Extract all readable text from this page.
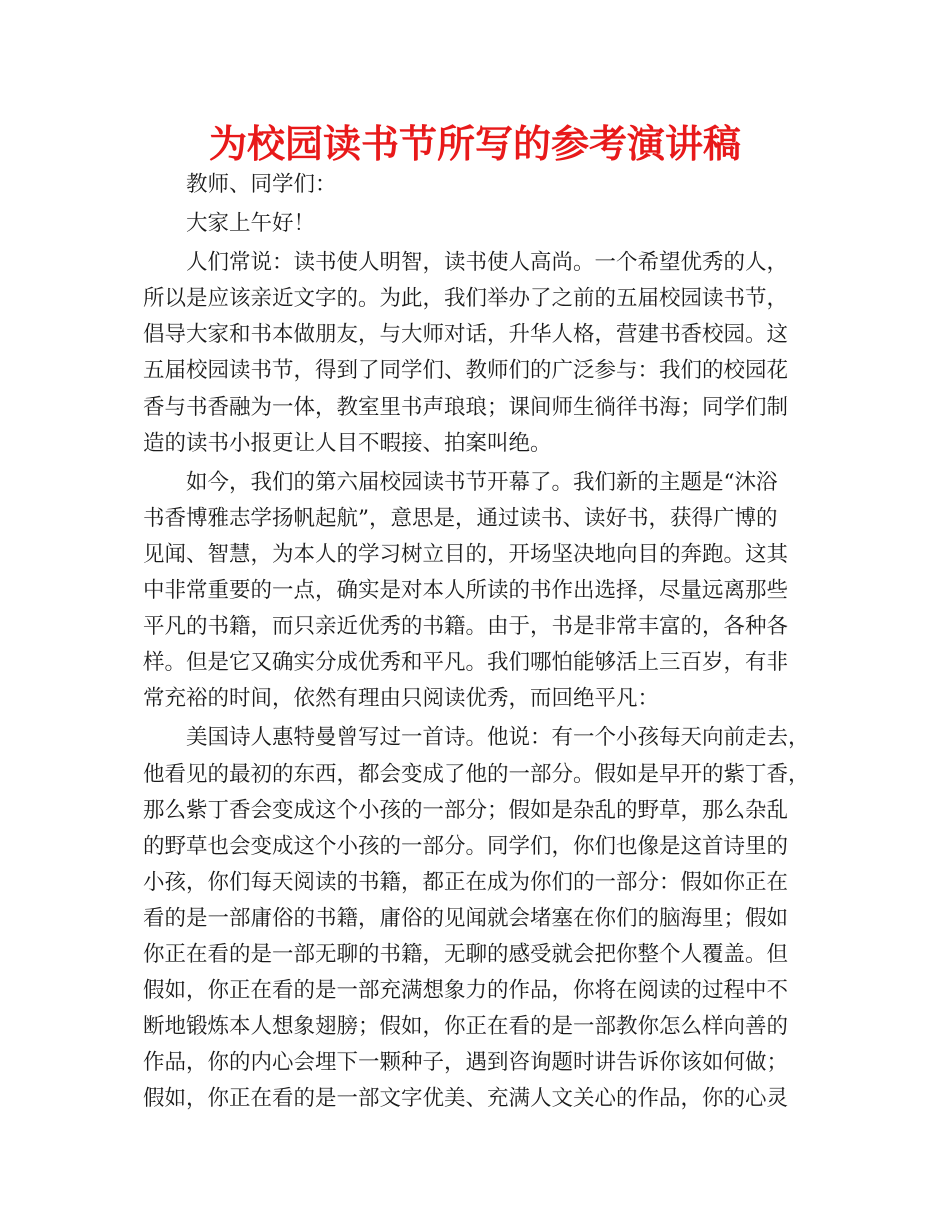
为校园读书节所写的参考演讲稿
教师、同学们：
大家上午好！
人们常说：读书使人明智，读书使人高尚。一个希望优秀的人，
所以是应该亲近文字的。为此，我们举办了之前的五届校园读书节，
倡导大家和书本做朋友，与大师对话，升华人格，营建书香校园。这
五届校园读书节，得到了同学们、教师们的广泛参与：我们的校园花
香与书香融为一体，教室里书声琅琅；课间师生徜徉书海；同学们制
造的读书小报更让人目不暇接、拍案叫绝。
如今，我们的第六届校园读书节开幕了。我们新的主题是“沐浴
书香博雅志学扬帆起航”，意思是，通过读书、读好书，获得广博的
见闻、智慧，为本人的学习树立目的，开场坚决地向目的奔跑。这其
中非常重要的一点，确实是对本人所读的书作出选择，尽量远离那些
平凡的书籍，而只亲近优秀的书籍。由于，书是非常丰富的，各种各
样。但是它又确实分成优秀和平凡。我们哪怕能够活上三百岁，有非
常充裕的时间，依然有理由只阅读优秀，而回绝平凡：
美国诗人惠特曼曾写过一首诗。他说：有一个小孩每天向前走去，
他看见的最初的东西，都会变成了他的一部分。假如是早开的紫丁香，
那么紫丁香会变成这个小孩的一部分；假如是杂乱的野草，那么杂乱
的野草也会变成这个小孩的一部分。同学们，你们也像是这首诗里的
小孩，你们每天阅读的书籍，都正在成为你们的一部分：假如你正在
看的是一部庸俗的书籍，庸俗的见闻就会堵塞在你们的脑海里；假如
你正在看的是一部无聊的书籍，无聊的感受就会把你整个人覆盖。但
假如，你正在看的是一部充满想象力的作品，你将在阅读的过程中不
断地锻炼本人想象翅膀；假如，你正在看的是一部教你怎么样向善的
作品，你的内心会埋下一颗种子，遇到咨询题时讲告诉你该如何做；
假如，你正在看的是一部文字优美、充满人文关心的作品，你的心灵
